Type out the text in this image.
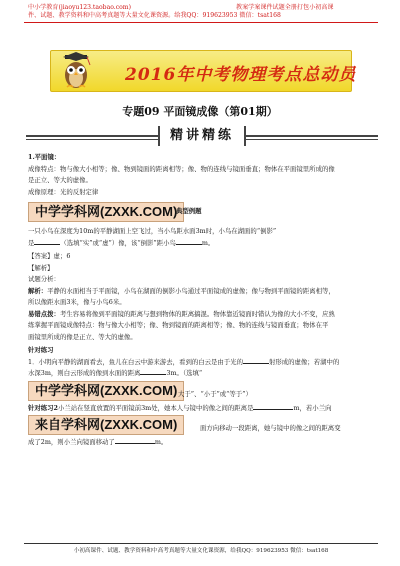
中小学教育(jiaoyu123.taobao.com)	教案学案课件试题全册打包小初高课
件、试题、教学资料和中高考真题等大量文化课资源。给我QQ：919623953 微信：tsat168
2016年中考物理考点总动员
专题09 平面镜成像（第01期）
精讲精练

1.平面镜：

成像特点：物与像大小相等；像、物到镜面的距离相等；像、物的连线与镜面垂直；物体在平面镜里所成的像

是正立、等大的虚像。

成像原理：光的反射定律

中学学科网(ZXXK.COM)
典型例题

一只小鸟在深度为10m的平静湖面上空飞过，当小鸟距水面3m时，小鸟在湖面的“倒影”

是	（选填“实”或“虚”）像，该“倒影”距小鸟	m。

【答案】虚；6

【解析】

试题分析：

解析：平静的水面相当于平面镜，小鸟在湖面的倒影小鸟通过平面镜成的虚像；像与物到平面镜的距离相等，

所以像距水面3米，像与小鸟6米。

易错点拨：考生容易将像到平面镜的距离与想到物体的距离搞混。物体靠近镜面时错认为像的大小不变，应熟

练掌握平面镜成像特点：物与像大小相等；像、物到镜面的距离相等；像、物的连线与镜面垂直；物体在平

面镜里所成的像是正立、等大的虚像。

针对练习

1．小明向平静的湖面看去，鱼儿在白云中游来游去，看到的白云是由于光的	射形成的虚像；若湖中的

水深3m，则白云形成的像到水面的距离	3m。（选填“

中学学科网(ZXXK.COM) 大于”、“小于”或“等于”）

针对练习2小兰站在竖直放置的平面镜前3m处，她本人与镜中的像之间的距离是	m，若小兰向

来自学科网(ZXXK.COM)	面方向移动一段距离，她与镜中的像之间的距离变

成了2m，则小兰向镜面移动了	m。

小初高课件、试题、教学资料和中高考真题等大量文化课资源，给我QQ：919623953 微信：tsat168
